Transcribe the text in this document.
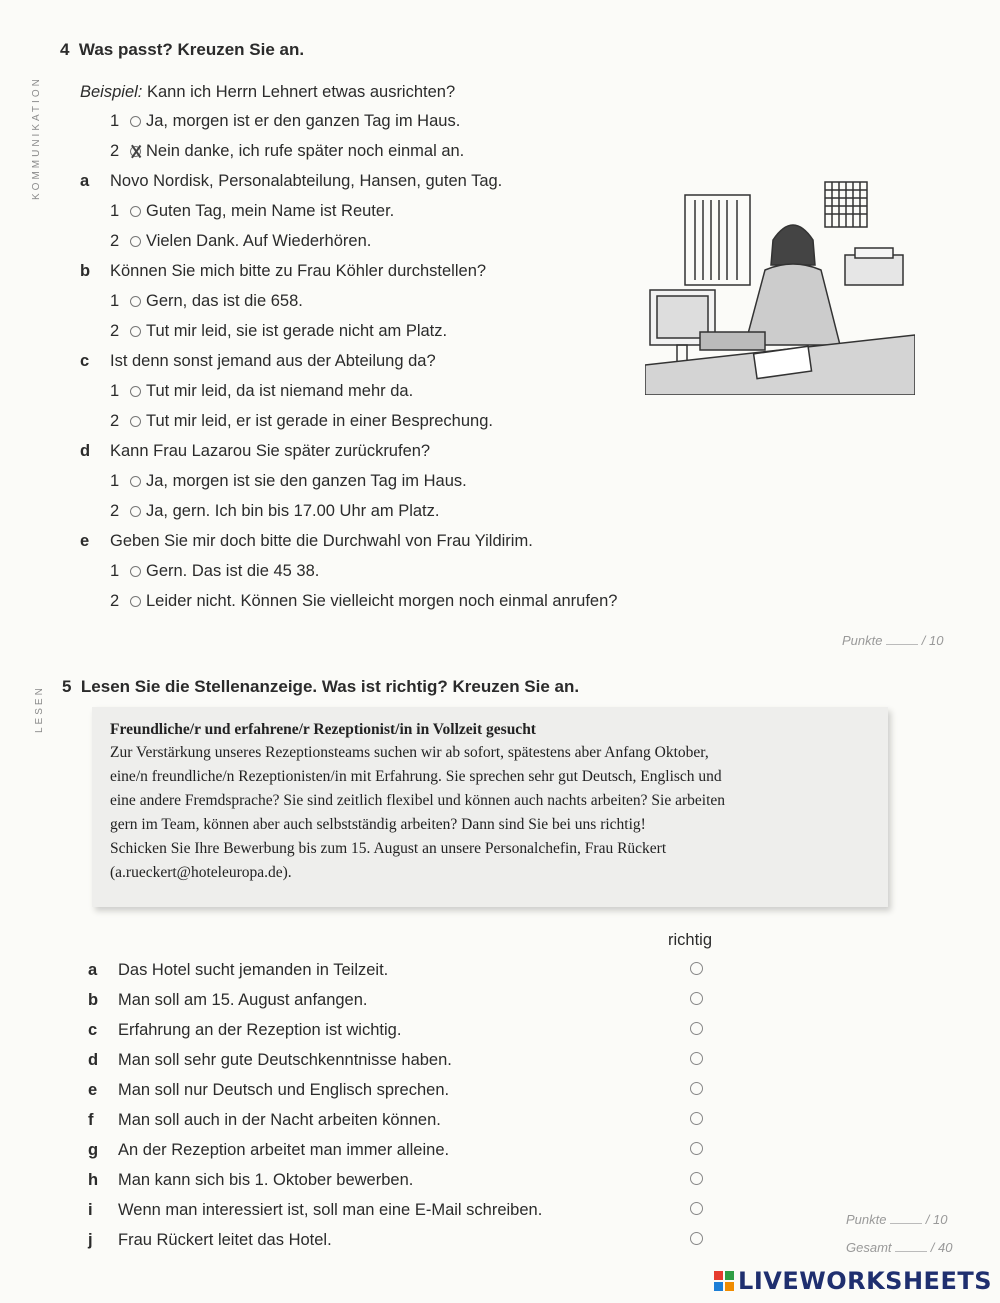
KOMMUNIKATION
4 Was passt? Kreuzen Sie an.
Beispiel: Kann ich Herrn Lehnert etwas ausrichten?
1 Ja, morgen ist er den ganzen Tag im Haus.
2 Nein danke, ich rufe später noch einmal an.
a Novo Nordisk, Personalabteilung, Hansen, guten Tag.
1 Guten Tag, mein Name ist Reuter.
2 Vielen Dank. Auf Wiederhören.
b Können Sie mich bitte zu Frau Köhler durchstellen?
1 Gern, das ist die 658.
2 Tut mir leid, sie ist gerade nicht am Platz.
c Ist denn sonst jemand aus der Abteilung da?
1 Tut mir leid, da ist niemand mehr da.
2 Tut mir leid, er ist gerade in einer Besprechung.
d Kann Frau Lazarou Sie später zurückrufen?
1 Ja, morgen ist sie den ganzen Tag im Haus.
2 Ja, gern. Ich bin bis 17.00 Uhr am Platz.
e Geben Sie mir doch bitte die Durchwahl von Frau Yildirim.
1 Gern. Das ist die 45 38.
2 Leider nicht. Können Sie vielleicht morgen noch einmal anrufen?
Punkte	/ 10
LESEN 5 Lesen Sie die Stellenanzeige. Was ist richtig? Kreuzen Sie an.
Freundliche/r und erfahrene/r Rezeptionist/in in Vollzeit gesucht
Zur Verstärkung unseres Rezeptionsteams suchen wir ab sofort, spätestens aber Anfang Oktober,
eine/n freundliche/n Rezeptionisten/in mit Erfahrung. Sie sprechen sehr gut Deutsch, Englisch und
eine andere Fremdsprache? Sie sind zeitlich flexibel und können auch nachts arbeiten? Sie arbeiten
gern im Team, können aber auch selbstständig arbeiten? Dann sind Sie bei uns richtig!
Schicken Sie Ihre Bewerbung bis zum 15. August an unsere Personalchefin, Frau Rückert
(a.rueckert@hoteleuropa.de).
richtig
a Das Hotel sucht jemanden in Teilzeit.
b Man soll am 15. August anfangen.
c Erfahrung an der Rezeption ist wichtig.
d Man soll sehr gute Deutschkenntnisse haben.
e Man soll nur Deutsch und Englisch sprechen.
f Man soll auch in der Nacht arbeiten können.
g An der Rezeption arbeitet man immer alleine.
h Man kann sich bis 1. Oktober bewerben.
i Wenn man interessiert ist, soll man eine E-Mail schreiben.
j Frau Rückert leitet das Hotel.
Punkte	/ 10
Gesamt	/ 40
LIVEWORKSHEETS
